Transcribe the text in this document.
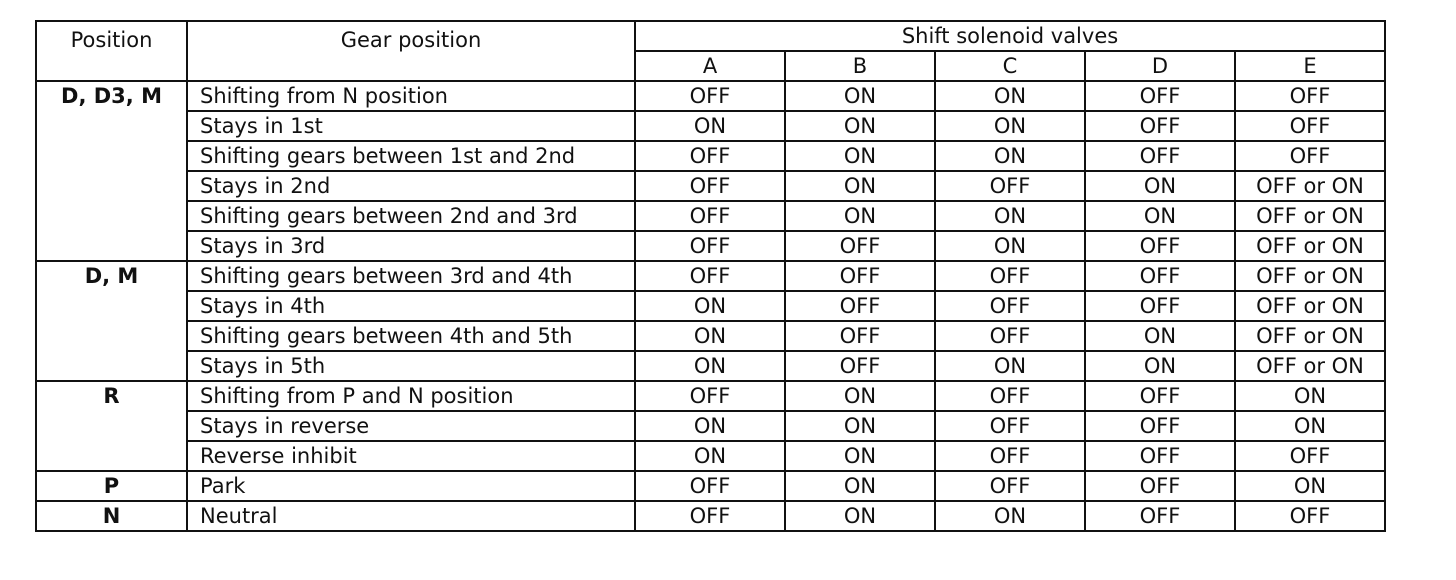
Position	Gear position	Shift solenoid valves				
		A	B	C	D	E

D, D3, M	Shifting from N position	OFF	ON	ON	OFF	OFF
	Stays in 1st	ON	ON	ON	OFF	OFF
	Shifting gears between 1st and 2nd	OFF	ON	ON	OFF	OFF
	Stays in 2nd	OFF	ON	OFF	ON	OFF or ON
	Shifting gears between 2nd and 3rd	OFF	ON	ON	ON	OFF or ON
	Stays in 3rd	OFF	OFF	ON	OFF	OFF or ON

D, M	Shifting gears between 3rd and 4th	OFF	OFF	OFF	OFF	OFF or ON
	Stays in 4th	ON	OFF	OFF	OFF	OFF or ON
	Shifting gears between 4th and 5th	ON	OFF	OFF	ON	OFF or ON
	Stays in 5th	ON	OFF	ON	ON	OFF or ON

R	Shifting from P and N position	OFF	ON	OFF	OFF	ON
	Stays in reverse	ON	ON	OFF	OFF	ON
	Reverse inhibit	ON	ON	OFF	OFF	OFF

P	Park	OFF	ON	OFF	OFF	ON

N	Neutral	OFF	ON	ON	OFF	OFF
